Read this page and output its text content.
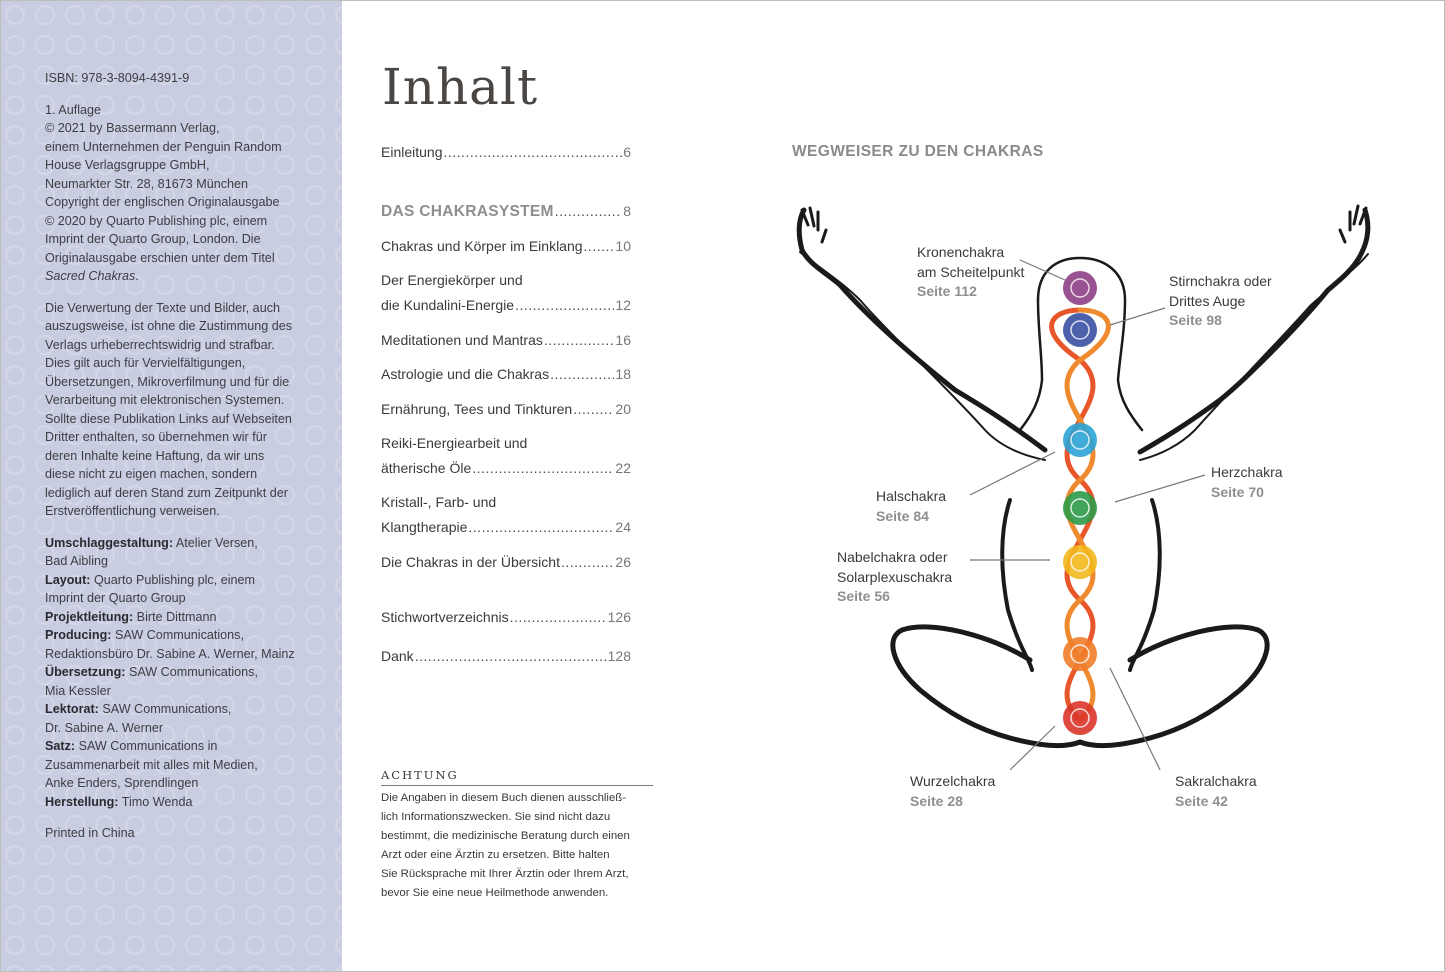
ISBN: 978-3-8094-4391-9

1. Auflage
© 2021 by Bassermann Verlag,
einem Unternehmen der Penguin Random
House Verlagsgruppe GmbH,
Neumarkter Str. 28, 81673 München
Copyright der englischen Originalausgabe
© 2020 by Quarto Publishing plc, einem
Imprint der Quarto Group, London. Die
Originalausgabe erschien unter dem Titel
Sacred Chakras.

Die Verwertung der Texte und Bilder, auch
auszugsweise, ist ohne die Zustimmung des
Verlags urheberrechtswidrig und strafbar.
Dies gilt auch für Vervielfältigungen,
Übersetzungen, Mikroverfilmung und für die
Verarbeitung mit elektronischen Systemen.
Sollte diese Publikation Links auf Webseiten
Dritter enthalten, so übernehmen wir für
deren Inhalte keine Haftung, da wir uns
diese nicht zu eigen machen, sondern
lediglich auf deren Stand zum Zeitpunkt der
Erstveröffentlichung verweisen.

Umschlaggestaltung: Atelier Versen,
Bad Aibling
Layout: Quarto Publishing plc, einem
Imprint der Quarto Group
Projektleitung: Birte Dittmann
Producing: SAW Communications,
Redaktionsbüro Dr. Sabine A. Werner, Mainz
Übersetzung: SAW Communications,
Mia Kessler
Lektorat: SAW Communications,
Dr. Sabine A. Werner
Satz: SAW Communications in
Zusammenarbeit mit alles mit Medien,
Anke Enders, Sprendlingen
Herstellung: Timo Wenda

Printed in China

Inhalt
Einleitung .....	6
DAS CHAKRASYSTEM .....	8
Chakras und Körper im Einklang ..... 10
Der Energiekörper und
die Kundalini-Energie .....	12
Meditationen und Mantras .....	16
Astrologie und die Chakras .....	18
Ernährung, Tees und Tinkturen .....	20
Reiki-Energiearbeit und
ätherische Öle .....	22
Kristall-, Farb- und
Klangtherapie .....	24
Die Chakras in der Übersicht .....	26
Stichwortverzeichnis .....	126
Dank .....	128
ACHTUNG
Die Angaben in diesem Buch dienen ausschließ-
lich Informationszwecken. Sie sind nicht dazu
bestimmt, die medizinische Beratung durch einen
Arzt oder eine Ärztin zu ersetzen. Bitte halten
Sie Rücksprache mit Ihrer Ärztin oder Ihrem Arzt,
bevor Sie eine neue Heilmethode anwenden.
WEGWEISER ZU DEN CHAKRAS
Kronenchakra
am Scheitelpunkt
Seite 112
Stirnchakra oder
Drittes Auge
Seite 98
Halschakra
Seite 84
Herzchakra
Seite 70
Nabelchakra oder
Solarplexuschakra
Seite 56
Sakralchakra
Seite 42
Wurzelchakra
Seite 28
